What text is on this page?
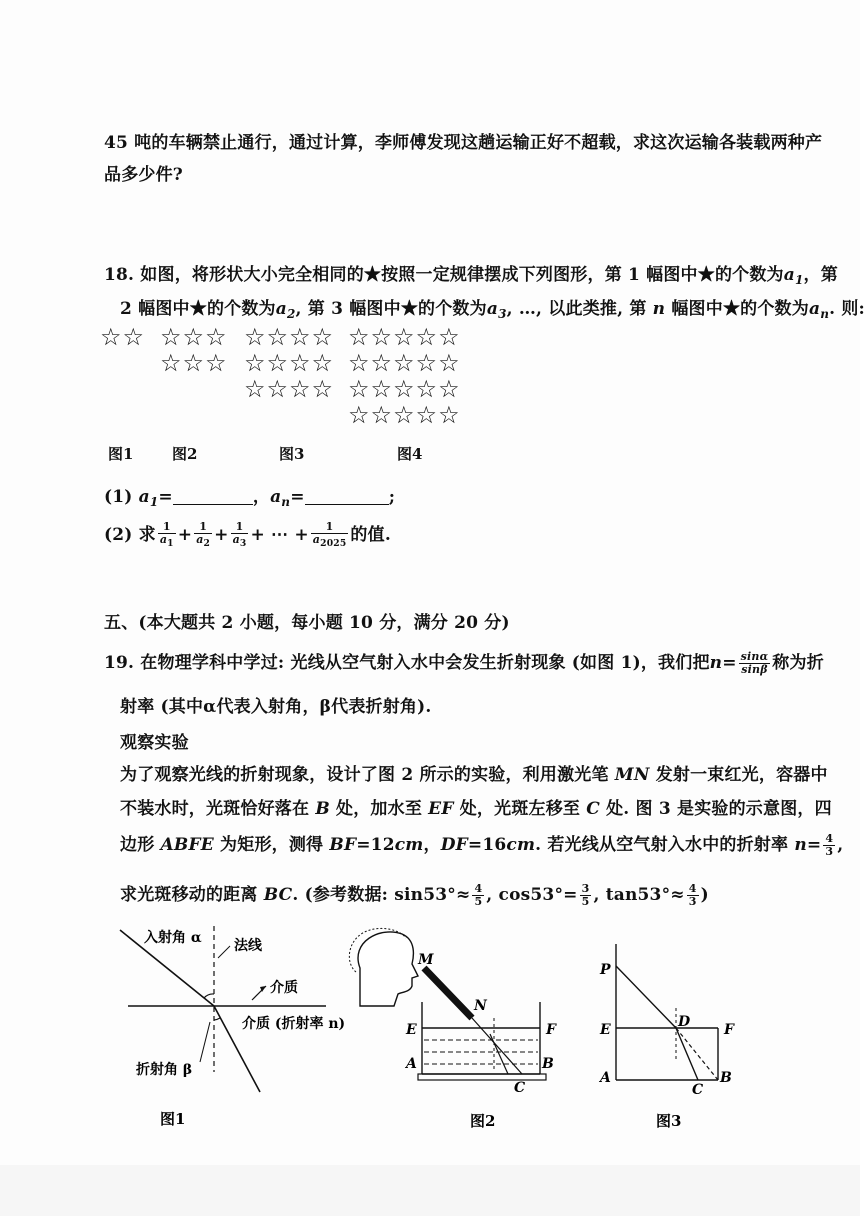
45 吨的车辆禁止通行，通过计算，李师傅发现这趟运输正好不超载，求这次运输各装载两种产
品多少件?
18. 如图，将形状大小完全相同的★按照一定规律摆成下列图形，第 1 幅图中★的个数为$a_1$，第
2 幅图中★的个数为$a_2$, 第 3 幅图中★的个数为$a_3$, …, 以此类推, 第 n 幅图中★的个数为$a_n$. 则:
☆☆ ☆☆☆
☆☆☆
☆☆☆☆
☆☆☆☆
☆☆☆☆
☆☆☆☆☆
☆☆☆☆☆
☆☆☆☆☆
☆☆☆☆☆
图1	图2	图3	图4
(1) $a_1=$	，$a_n=$	;
(2) 求 $\frac{1}{a_1} + \frac{1}{a_2} + \frac{1}{a_3}$ + ⋯ + $\frac{1}{a_{2025}}$ 的值.
五、(本大题共 2 小题，每小题 10 分，满分 20 分)
19. 在物理学科中学过: 光线从空气射入水中会发生折射现象 (如图 1)，我们把$n= \frac{\sin\alpha}{\sin\beta}$ 称为折
射率 (其中α代表入射角，β代表折射角).
观察实验
为了观察光线的折射现象，设计了图 2 所示的实验，利用激光笔 MN 发射一束红光，容器中
不装水时，光斑恰好落在 B 处，加水至 EF 处，光斑左移至 C 处. 图 3 是实验的示意图，四
边形 ABFE 为矩形，测得 BF=12cm，DF=16cm. 若光线从空气射入水中的折射率 $n= \frac{4}{3}$ ,
求光斑移动的距离 BC. (参考数据: $\sin 53^\circ\approx \frac{4}{5}$ , $\cos 53^\circ= \frac{3}{5}$ , $\tan 53^\circ\approx \frac{4}{3}$ )
入射角 α 法线
介质
介质 (折射率 n)
折射角 β
图1
M
N
E	F
A	B
C
图2
P
E	D F
A
C
B
图3
